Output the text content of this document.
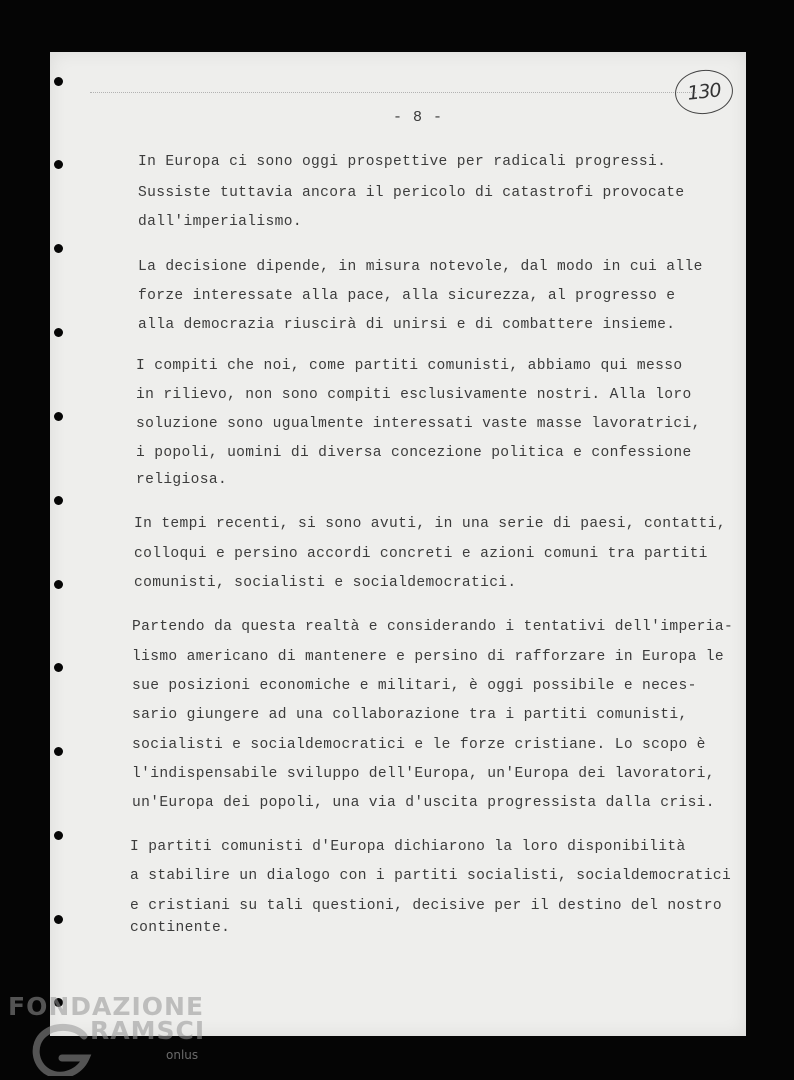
130
- 8 -
In Europa ci sono oggi prospettive per radicali progressi.
Sussiste tuttavia ancora il pericolo di catastrofi provocate
dall'imperialismo.
La decisione dipende, in misura notevole, dal modo in cui alle
forze interessate alla pace, alla sicurezza, al progresso e
alla democrazia riuscirà di unirsi e di combattere insieme.
I compiti che noi, come partiti comunisti, abbiamo qui messo
in rilievo, non sono compiti esclusivamente nostri. Alla loro
soluzione sono ugualmente interessati vaste masse lavoratrici,
i popoli, uomini di diversa concezione politica e confessione
religiosa.
In tempi recenti, si sono avuti, in una serie di paesi, contatti,
colloqui e persino accordi concreti e azioni comuni tra partiti
comunisti, socialisti e socialdemocratici.
Partendo da questa realtà e considerando i tentativi dell'imperia-
lismo americano di mantenere e persino di rafforzare in Europa le
sue posizioni economiche e militari, è oggi possibile e neces-
sario giungere ad una collaborazione tra i partiti comunisti,
socialisti e socialdemocratici e le forze cristiane. Lo scopo è
l'indispensabile sviluppo dell'Europa, un'Europa dei lavoratori,
un'Europa dei popoli, una via d'uscita progressista dalla crisi.
I partiti comunisti d'Europa dichiarono la loro disponibilità
a stabilire un dialogo con i partiti socialisti, socialdemocratici
e cristiani su tali questioni, decisive per il destino del nostro
continente.
FONDAZIONE
RAMSCI
onlus
